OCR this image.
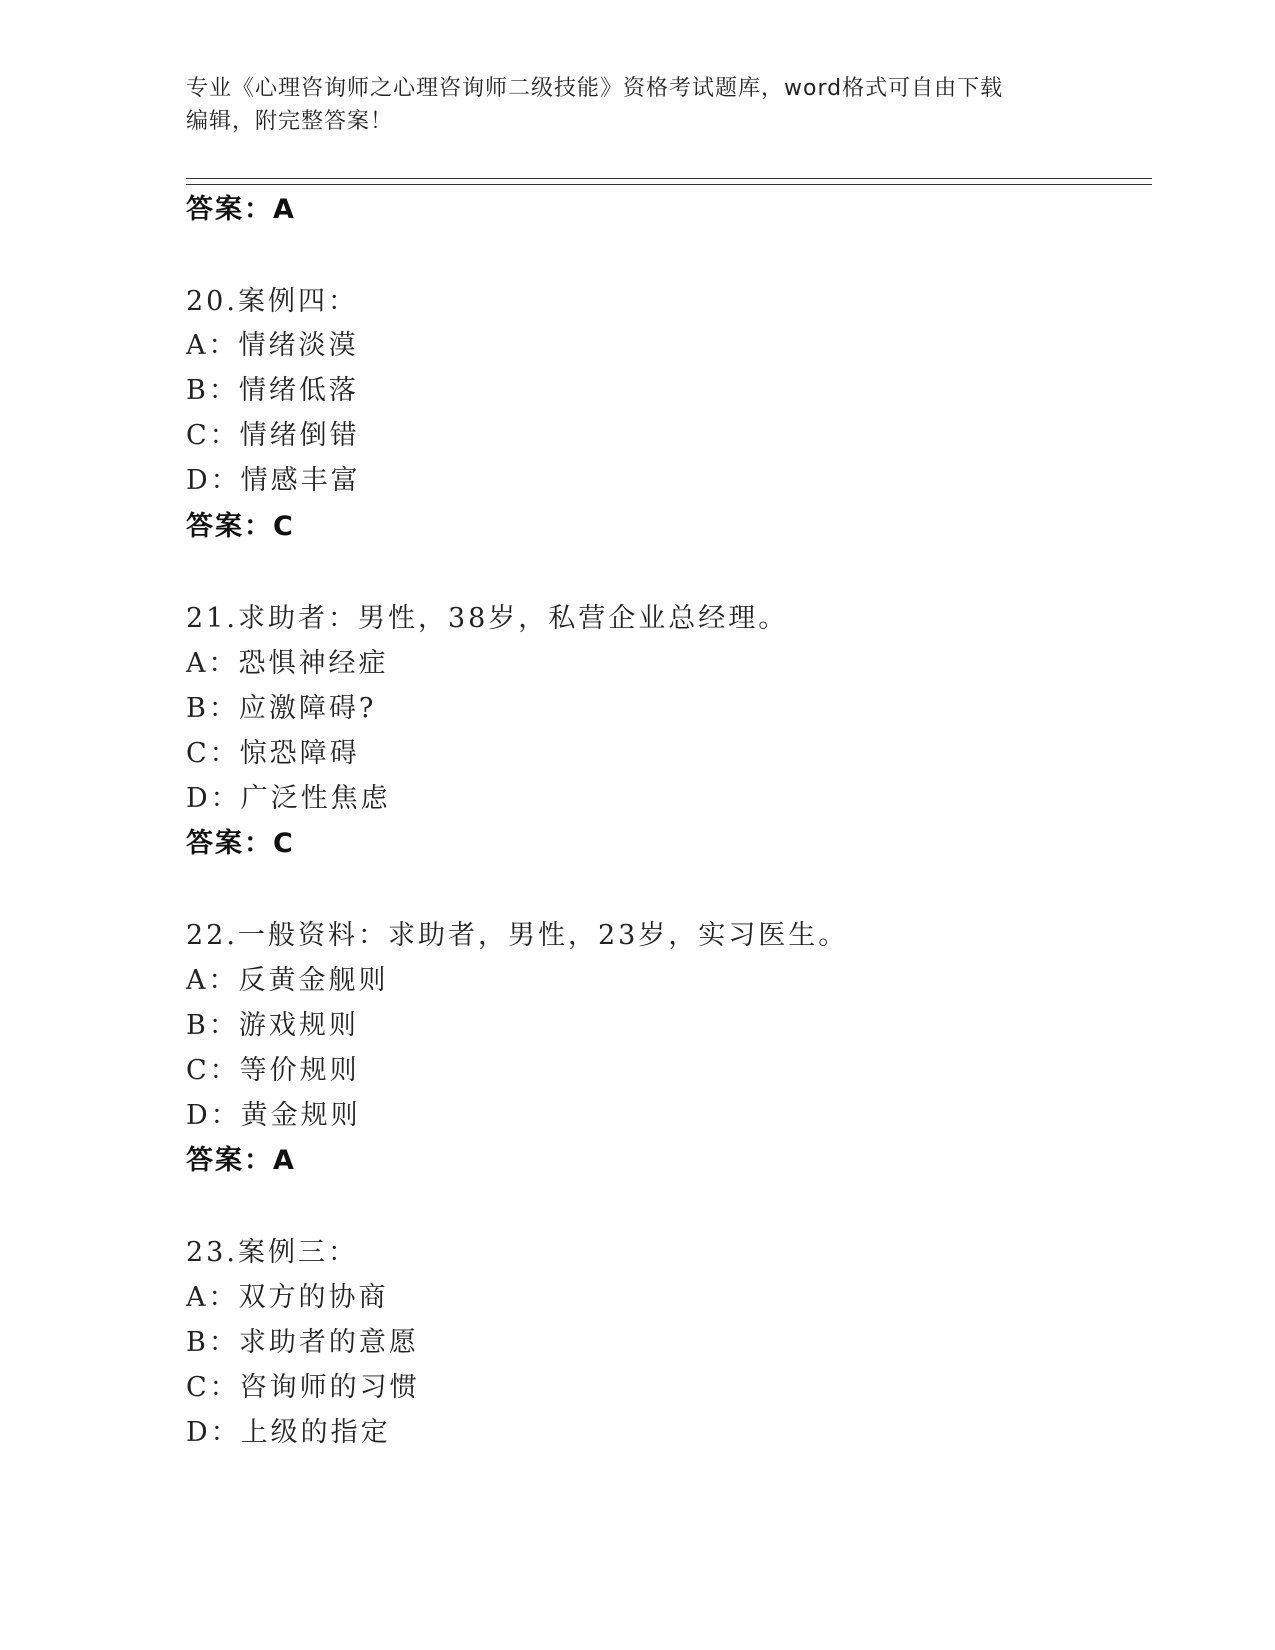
专业《心理咨询师之心理咨询师二级技能》资格考试题库，word格式可自由下载
编辑，附完整答案！

答案：A

20.案例四：

A：情绪淡漠

B：情绪低落

C：情绪倒错

D：情感丰富

答案：C

21.求助者：男性，38岁，私营企业总经理。

A：恐惧神经症

B：应激障碍?

C：惊恐障碍

D：广泛性焦虑

答案：C

22.一般资料：求助者，男性，23岁，实习医生。

A：反黄金舰则

B：游戏规则

C：等价规则

D：黄金规则

答案：A

23.案例三：

A：双方的协商

B：求助者的意愿

C：咨询师的习惯

D：上级的指定
